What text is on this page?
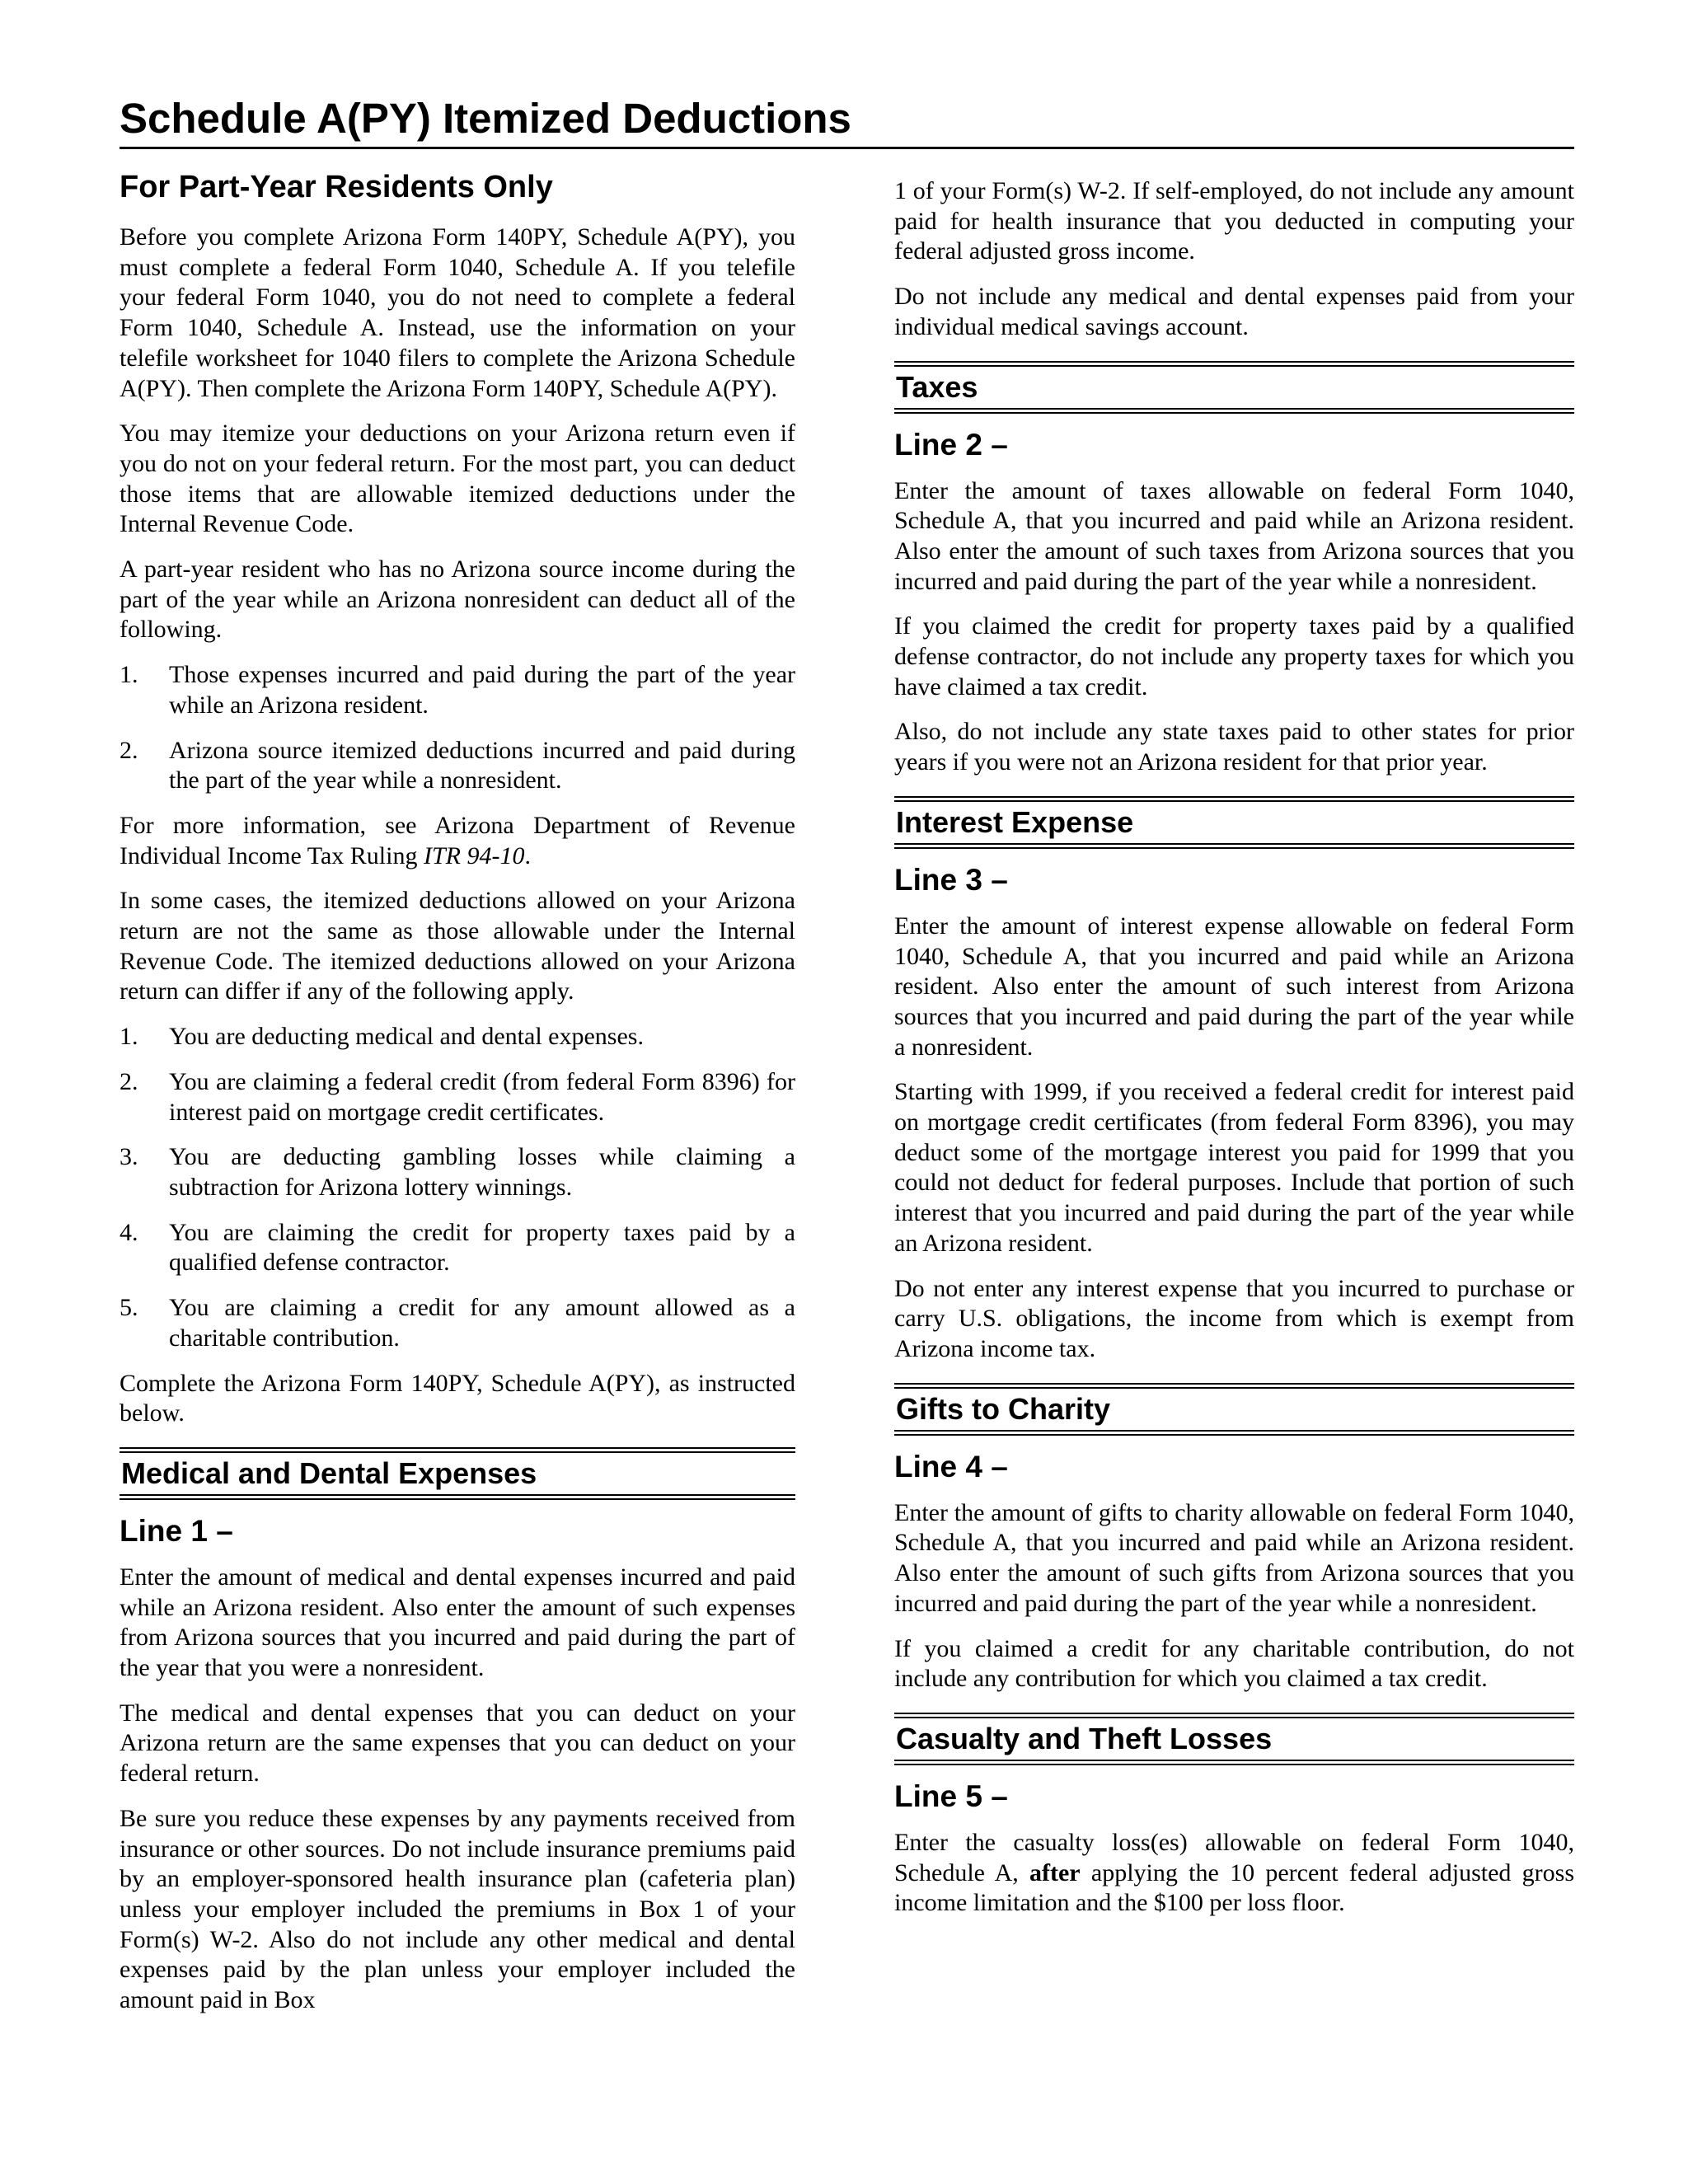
Schedule A(PY) Itemized Deductions
For Part-Year Residents Only

Before you complete Arizona Form 140PY, Schedule A(PY), you must complete a federal Form 1040, Schedule A. If you telefile your federal Form 1040, you do not need to complete a federal Form 1040, Schedule A. Instead, use the information on your telefile worksheet for 1040 filers to complete the Arizona Schedule A(PY). Then complete the Arizona Form 140PY, Schedule A(PY).

You may itemize your deductions on your Arizona return even if you do not on your federal return. For the most part, you can deduct those items that are allowable itemized deductions under the Internal Revenue Code.

A part-year resident who has no Arizona source income during the part of the year while an Arizona nonresident can deduct all of the following.

1.	Those expenses incurred and paid during the part of the year while an Arizona resident.
2.	Arizona source itemized deductions incurred and paid during the part of the year while a nonresident.

For more information, see Arizona Department of Revenue Individual Income Tax Ruling ITR 94-10.

In some cases, the itemized deductions allowed on your Arizona return are not the same as those allowable under the Internal Revenue Code. The itemized deductions allowed on your Arizona return can differ if any of the following apply.

1.	You are deducting medical and dental expenses.
2.	You are claiming a federal credit (from federal Form 8396) for interest paid on mortgage credit certificates.
3.	You are deducting gambling losses while claiming a subtraction for Arizona lottery winnings.
4.	You are claiming the credit for property taxes paid by a qualified defense contractor.
5.	You are claiming a credit for any amount allowed as a charitable contribution.

Complete the Arizona Form 140PY, Schedule A(PY), as instructed below.

Medical and Dental Expenses
Line 1 –

Enter the amount of medical and dental expenses incurred and paid while an Arizona resident. Also enter the amount of such expenses from Arizona sources that you incurred and paid during the part of the year that you were a nonresident.

The medical and dental expenses that you can deduct on your Arizona return are the same expenses that you can deduct on your federal return.

Be sure you reduce these expenses by any payments received from insurance or other sources. Do not include insurance premiums paid by an employer-sponsored health insurance plan (cafeteria plan) unless your employer included the premiums in Box 1 of your Form(s) W-2. Also do not include any other medical and dental expenses paid by the plan unless your employer included the amount paid in Box

1 of your Form(s) W-2. If self-employed, do not include any amount paid for health insurance that you deducted in computing your federal adjusted gross income.

Do not include any medical and dental expenses paid from your individual medical savings account.

Taxes
Line 2 –

Enter the amount of taxes allowable on federal Form 1040, Schedule A, that you incurred and paid while an Arizona resident. Also enter the amount of such taxes from Arizona sources that you incurred and paid during the part of the year while a nonresident.

If you claimed the credit for property taxes paid by a qualified defense contractor, do not include any property taxes for which you have claimed a tax credit.

Also, do not include any state taxes paid to other states for prior years if you were not an Arizona resident for that prior year.

Interest Expense
Line 3 –

Enter the amount of interest expense allowable on federal Form 1040, Schedule A, that you incurred and paid while an Arizona resident. Also enter the amount of such interest from Arizona sources that you incurred and paid during the part of the year while a nonresident.

Starting with 1999, if you received a federal credit for interest paid on mortgage credit certificates (from federal Form 8396), you may deduct some of the mortgage interest you paid for 1999 that you could not deduct for federal purposes. Include that portion of such interest that you incurred and paid during the part of the year while an Arizona resident.

Do not enter any interest expense that you incurred to purchase or carry U.S. obligations, the income from which is exempt from Arizona income tax.

Gifts to Charity
Line 4 –

Enter the amount of gifts to charity allowable on federal Form 1040, Schedule A, that you incurred and paid while an Arizona resident. Also enter the amount of such gifts from Arizona sources that you incurred and paid during the part of the year while a nonresident.

If you claimed a credit for any charitable contribution, do not include any contribution for which you claimed a tax credit.

Casualty and Theft Losses
Line 5 –

Enter the casualty loss(es) allowable on federal Form 1040, Schedule A, after applying the 10 percent federal adjusted gross income limitation and the $100 per loss floor.
